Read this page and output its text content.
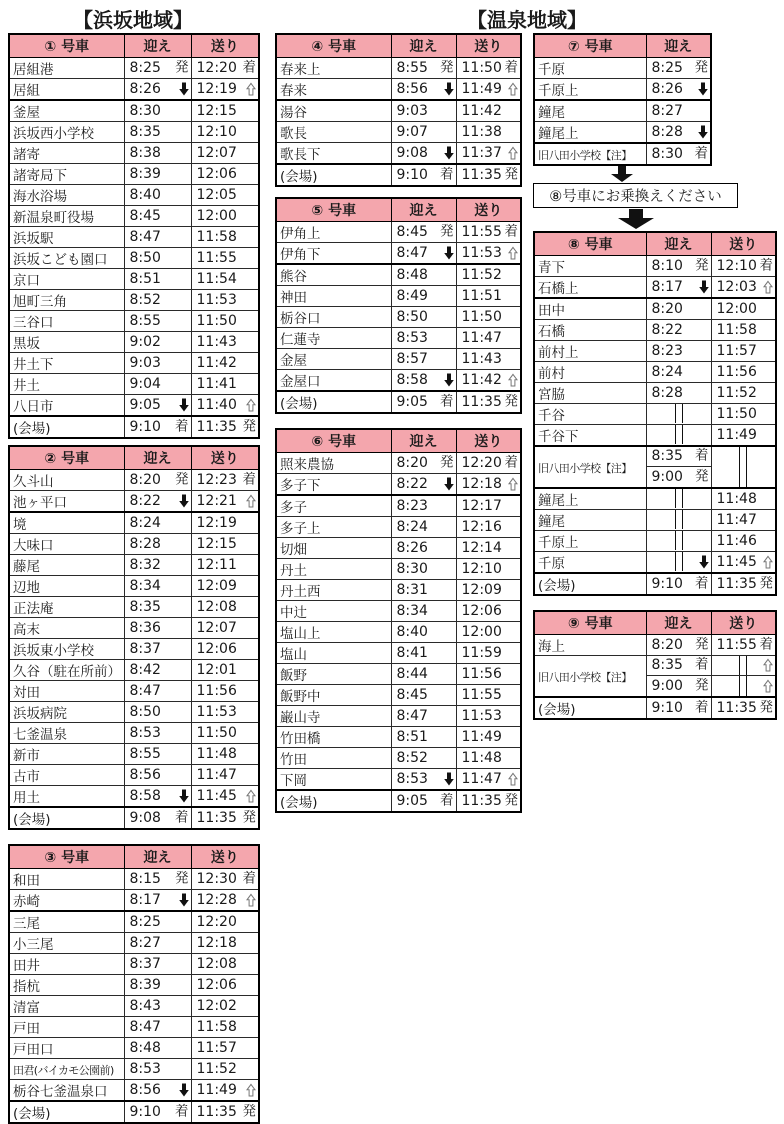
【浜坂地域】	【温泉地域】
① 号車	迎え	送り
居組港	8:25 発	12:20 着

居組	8:26	12:19

釜屋	8:30	12:15

浜坂西小学校	8:35	12:10

諸寄	8:38	12:07

諸寄局下	8:39	12:06

海水浴場	8:40	12:05

新温泉町役場	8:45	12:00

浜坂駅	8:47	11:58

浜坂こども園口	8:50	11:55

京口	8:51	11:54

旭町三角	8:52	11:53

三谷口	8:55	11:50

黒坂	9:02	11:43

井土下	9:03	11:42

井土	9:04	11:41

八日市	9:05	11:40

(会場)	9:10 着	11:35 発
② 号車	迎え	送り
久斗山	8:20 発	12:23 着

池ヶ平口	8:22	12:21

境	8:24	12:19

大味口	8:28	12:15

藤尾	8:32	12:11

辺地	8:34	12:09

正法庵	8:35	12:08

高末	8:36	12:07

浜坂東小学校	8:37	12:06

久谷（駐在所前）	8:42	12:01

対田	8:47	11:56

浜坂病院	8:50	11:53

七釜温泉	8:53	11:50

新市	8:55	11:48

古市	8:56	11:47

用土	8:58	11:45

(会場)	9:08 着	11:35 発
③ 号車	迎え	送り
和田	8:15 発	12:30 着

赤崎	8:17	12:28

三尾	8:25	12:20

小三尾	8:27	12:18

田井	8:37	12:08

指杭	8:39	12:06

清富	8:43	12:02

戸田	8:47	11:58

戸田口	8:48	11:57

田君(バイカモ公園前)	8:53	11:52

栃谷七釜温泉口	8:56	11:49

(会場)	9:10 着	11:35 発
④ 号車	迎え	送り
春来上	8:55 発	11:50 着

春来	8:56	11:49

湯谷	9:03	11:42

歌長	9:07	11:38

歌長下	9:08	11:37

(会場)	9:10 着	11:35 発
⑤ 号車	迎え	送り
伊角上	8:45 発	11:55 着

伊角下	8:47	11:53

熊谷	8:48	11:52

神田	8:49	11:51

栃谷口	8:50	11:50

仁蓮寺	8:53	11:47

金屋	8:57	11:43

金屋口	8:58	11:42

(会場)	9:05 着	11:35 発
⑥ 号車	迎え	送り
照来農協	8:20 発	12:20 着

多子下	8:22	12:18

多子	8:23	12:17

多子上	8:24	12:16

切畑	8:26	12:14

丹土	8:30	12:10

丹土西	8:31	12:09

中辻	8:34	12:06

塩山上	8:40	12:00

塩山	8:41	11:59

飯野	8:44	11:56

飯野中	8:45	11:55

巌山寺	8:47	11:53

竹田橋	8:51	11:49

竹田	8:52	11:48

下岡	8:53	11:47

(会場)	9:05 着	11:35 発
⑦ 号車	迎え
千原	8:25 発

千原上	8:26

鐘尾	8:27

鐘尾上	8:28

旧八田小学校【注】	8:30 着
⑧号車にお乗換えください
⑧ 号車	迎え	送り
青下	8:10 発	12:10 着

石橋上	8:17	12:03

田中	8:20	12:00

石橋	8:22	11:58

前村上	8:23	11:57

前村	8:24	11:56

宮脇	8:28	11:52

千谷		11:50

千谷下		11:49

旧八田小学校【注】	8:35 着	

	9:00 発	

鐘尾上		11:48

鐘尾		11:47

千原上		11:46

千原		11:45

(会場)	9:10 着	11:35 発
⑨ 号車	迎え	送り
海上	8:20 発	11:55 着

旧八田小学校【注】	8:35 着

	9:00 発

(会場)	9:10 着	11:35 発
